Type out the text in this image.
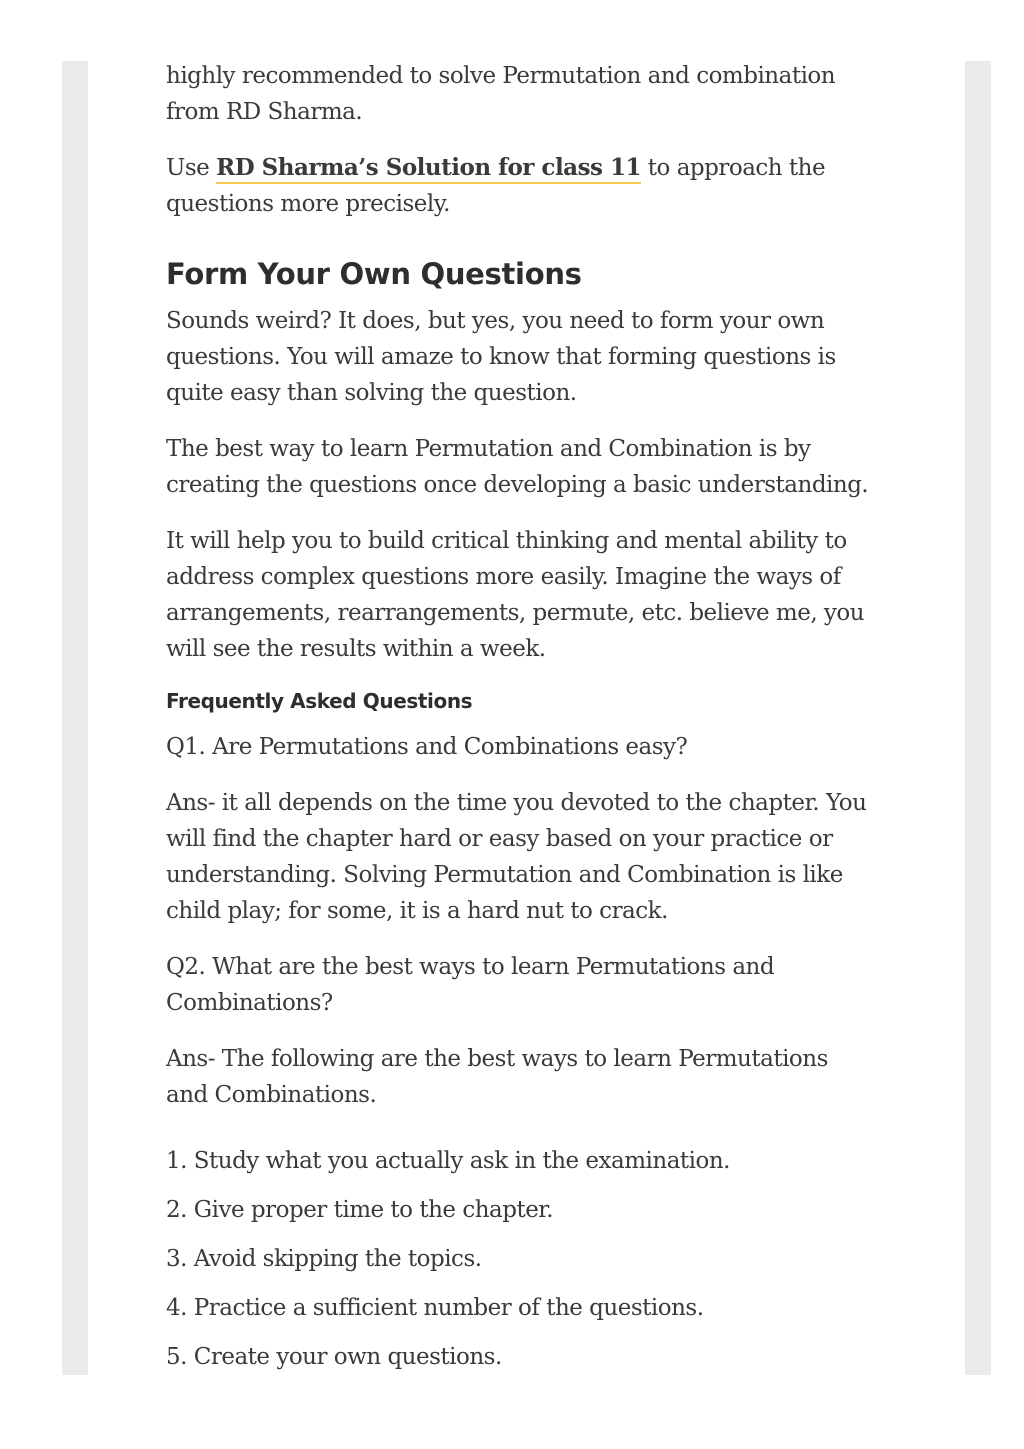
highly recommended to solve Permutation and combination from RD Sharma.

Use RD Sharma’s Solution for class 11 to approach the questions more precisely.

Form Your Own Questions

Sounds weird? It does, but yes, you need to form your own questions. You will amaze to know that forming questions is quite easy than solving the question.

The best way to learn Permutation and Combination is by creating the questions once developing a basic understanding.

It will help you to build critical thinking and mental ability to address complex questions more easily. Imagine the ways of arrangements, rearrangements, permute, etc. believe me, you will see the results within a week.

Frequently Asked Questions

Q1. Are Permutations and Combinations easy?

Ans- it all depends on the time you devoted to the chapter. You will find the chapter hard or easy based on your practice or understanding. Solving Permutation and Combination is like child play; for some, it is a hard nut to crack.

Q2. What are the best ways to learn Permutations and Combinations?

Ans- The following are the best ways to learn Permutations and Combinations.

1. Study what you actually ask in the examination.
2. Give proper time to the chapter.
3. Avoid skipping the topics.
4. Practice a sufficient number of the questions.
5. Create your own questions.
